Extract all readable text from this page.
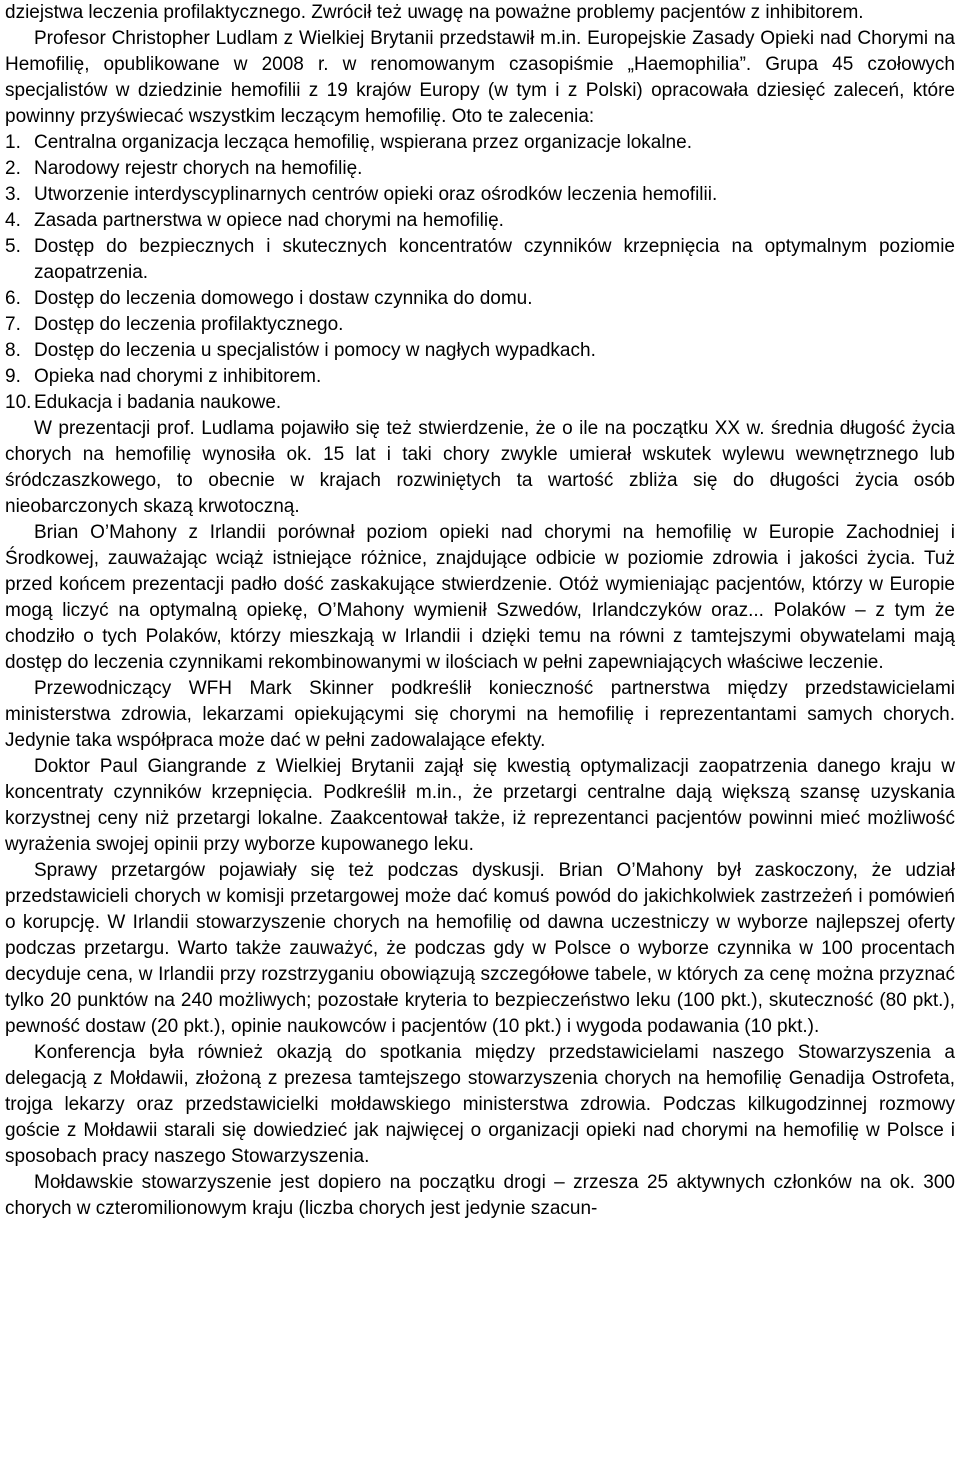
dziejstwa leczenia profilaktycznego. Zwrócił też uwagę na poważne problemy pacjentów z inhibitorem.

Profesor Christopher Ludlam z Wielkiej Brytanii przedstawił m.in. Europejskie Zasady Opieki nad Chorymi na Hemofilię, opublikowane w 2008 r. w renomowanym czasopiśmie „Haemophilia”. Grupa 45 czołowych specjalistów w dziedzinie hemofilii z 19 krajów Europy (w tym i z Polski) opracowała dziesięć zaleceń, które powinny przyświecać wszystkim leczącym hemofilię. Oto te zalecenia:

1. Centralna organizacja lecząca hemofilię, wspierana przez organizacje lokalne.
2. Narodowy rejestr chorych na hemofilię.
3. Utworzenie interdyscyplinarnych centrów opieki oraz ośrodków leczenia hemofilii.
4. Zasada partnerstwa w opiece nad chorymi na hemofilię.
5. Dostęp do bezpiecznych i skutecznych koncentratów czynników krzepnięcia na optymalnym poziomie zaopatrzenia.
6. Dostęp do leczenia domowego i dostaw czynnika do domu.
7. Dostęp do leczenia profilaktycznego.
8. Dostęp do leczenia u specjalistów i pomocy w nagłych wypadkach.
9. Opieka nad chorymi z inhibitorem.
10. Edukacja i badania naukowe.

W prezentacji prof. Ludlama pojawiło się też stwierdzenie, że o ile na początku XX w. średnia długość życia chorych na hemofilię wynosiła ok. 15 lat i taki chory zwykle umierał wskutek wylewu wewnętrznego lub śródczaszkowego, to obecnie w krajach rozwiniętych ta wartość zbliża się do długości życia osób nieobarczonych skazą krwotoczną.

Brian O’Mahony z Irlandii porównał poziom opieki nad chorymi na hemofilię w Europie Zachodniej i Środkowej, zauważając wciąż istniejące różnice, znajdujące odbicie w poziomie zdrowia i jakości życia. Tuż przed końcem prezentacji padło dość zaskakujące stwierdzenie. Otóż wymieniając pacjentów, którzy w Europie mogą liczyć na optymalną opiekę, O’Mahony wymienił Szwedów, Irlandczyków oraz... Polaków – z tym że chodziło o tych Polaków, którzy mieszkają w Irlandii i dzięki temu na równi z tamtejszymi obywatelami mają dostęp do leczenia czynnikami rekombinowanymi w ilościach w pełni zapewniających właściwe leczenie.

Przewodniczący WFH Mark Skinner podkreślił konieczność partnerstwa między przedstawicielami ministerstwa zdrowia, lekarzami opiekującymi się chorymi na hemofilię i reprezentantami samych chorych. Jedynie taka współpraca może dać w pełni zadowalające efekty.

Doktor Paul Giangrande z Wielkiej Brytanii zajął się kwestią optymalizacji zaopatrzenia danego kraju w koncentraty czynników krzepnięcia. Podkreślił m.in., że przetargi centralne dają większą szansę uzyskania korzystnej ceny niż przetargi lokalne. Zaakcentował także, iż reprezentanci pacjentów powinni mieć możliwość wyrażenia swojej opinii przy wyborze kupowanego leku.

Sprawy przetargów pojawiały się też podczas dyskusji. Brian O’Mahony był zaskoczony, że udział przedstawicieli chorych w komisji przetargowej może dać komuś powód do jakichkolwiek zastrzeżeń i pomówień o korupcję. W Irlandii stowarzyszenie chorych na hemofilię od dawna uczestniczy w wyborze najlepszej oferty podczas przetargu. Warto także zauważyć, że podczas gdy w Polsce o wyborze czynnika w 100 procentach decyduje cena, w Irlandii przy rozstrzyganiu obowiązują szczegółowe tabele, w których za cenę można przyznać tylko 20 punktów na 240 możliwych; pozostałe kryteria to bezpieczeństwo leku (100 pkt.), skuteczność (80 pkt.), pewność dostaw (20 pkt.), opinie naukowców i pacjentów (10 pkt.) i wygoda podawania (10 pkt.).

Konferencja była również okazją do spotkania między przedstawicielami naszego Stowarzyszenia a delegacją z Mołdawii, złożoną z prezesa tamtejszego stowarzyszenia chorych na hemofilię Genadija Ostrofeta, trojga lekarzy oraz przedstawicielki mołdawskiego ministerstwa zdrowia. Podczas kilkugodzinnej rozmowy goście z Mołdawii starali się dowiedzieć jak najwięcej o organizacji opieki nad chorymi na hemofilię w Polsce i sposobach pracy naszego Stowarzyszenia.

Mołdawskie stowarzyszenie jest dopiero na początku drogi – zrzesza 25 aktywnych członków na ok. 300 chorych w czteromilionowym kraju (liczba chorych jest jedynie szacun-
